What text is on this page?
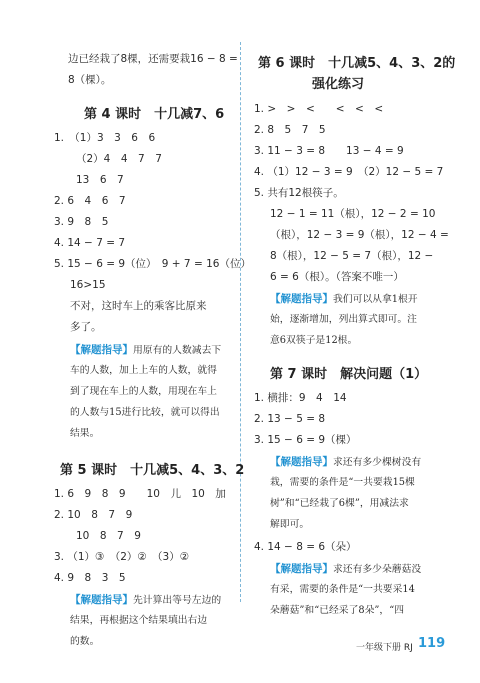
边已经栽了8棵，还需要栽16 − 8 =
8（棵）。
第 4 课时　十几减7、6
1.　（1）3　3　6　6
（2）4　4　7　7
13　6　7
2. 6　4　6　7
3. 9　8　5
4. 14 − 7 = 7
5. 15 − 6 = 9（位）　9 + 7 = 16（位）
16>15
不对，这时车上的乘客比原来
多了。
【解题指导】用原有的人数减去下
车的人数，加上上车的人数，就得
到了现在车上的人数，用现在车上
的人数与15进行比较，就可以得出
结果。
第 5 课时　十几减5、4、3、2
1. 6　9　8　9　　10　儿　10　加
2. 10　8　7　9
10　8　7　9
3. （1）③　（2）②　（3）②
4. 9　8　3　5
【解题指导】先计算出等号左边的
结果，再根据这个结果填出右边
的数。
第 6 课时　十几减5、4、3、2的
强化练习
1. >　>　<　　<　<　<
2. 8　5　7　5
3. 11 − 3 = 8　　13 − 4 = 9
4. （1）12 − 3 = 9　（2）12 − 5 = 7
5. 共有12根筷子。
12 − 1 = 11（根），12 − 2 = 10
（根），12 − 3 = 9（根），12 − 4 =
8（根），12 − 5 = 7（根），12 −
6 = 6（根）。（答案不唯一）
【解题指导】我们可以从拿1根开
始，逐渐增加，列出算式即可。注
意6双筷子是12根。
第 7 课时　解决问题（1）
1. 横排：9　4　14
2. 13 − 5 = 8
3. 15 − 6 = 9（棵）
【解题指导】求还有多少棵树没有
栽，需要的条件是“一共要栽15棵
树”和“已经栽了6棵”，用减法求
解即可。
4. 14 − 8 = 6（朵）
【解题指导】求还有多少朵蘑菇没
有采，需要的条件是“一共要采14
朵蘑菇”和“已经采了8朵”，“四
一年级下册 RJ 119
